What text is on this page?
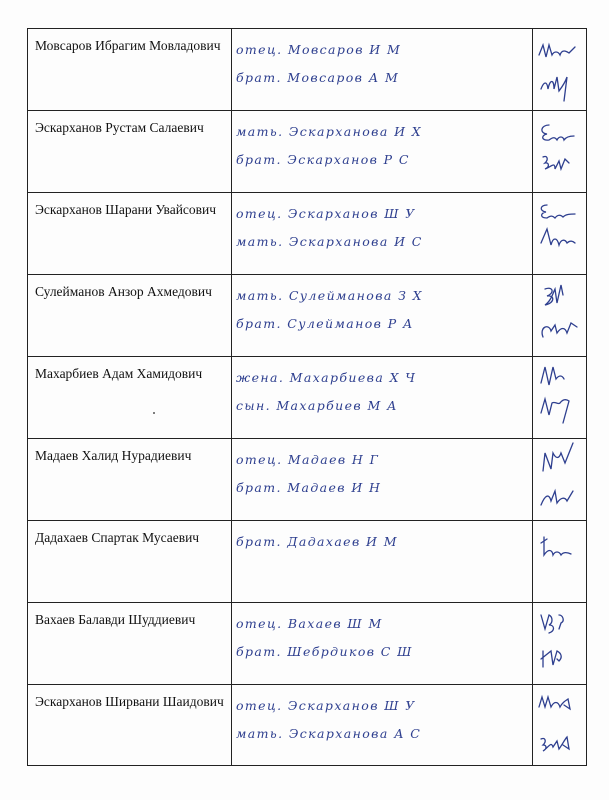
Мовсаров Ибрагим Мовладович	отец. Мовсаров И М
брат. Мовсаров А М

Эскарханов Рустам Салаевич	мать. Эскарханова И Х
брат. Эскарханов Р С

Эскарханов Шарани Увайсович	отец. Эскарханов Ш У
мать. Эскарханова И С

Сулейманов Анзор Ахмедович	мать. Сулейманова З Х
брат. Сулейманов Р А

Махарбиев Адам Хамидович	жена. Махарбиева Х Ч
сын. Махарбиев М А

Мадаев Халид Нурадиевич	отец. Мадаев Н Г
брат. Мадаев И Н

Дадахаев Спартак Мусаевич	брат. Дадахаев И М

Вахаев Балавди Шуддиевич	отец. Вахаев Ш М
брат. Шебрдиков С Ш

Эскарханов Ширвани Шаидович	отец. Эскарханов Ш У
мать. Эскарханова А С
